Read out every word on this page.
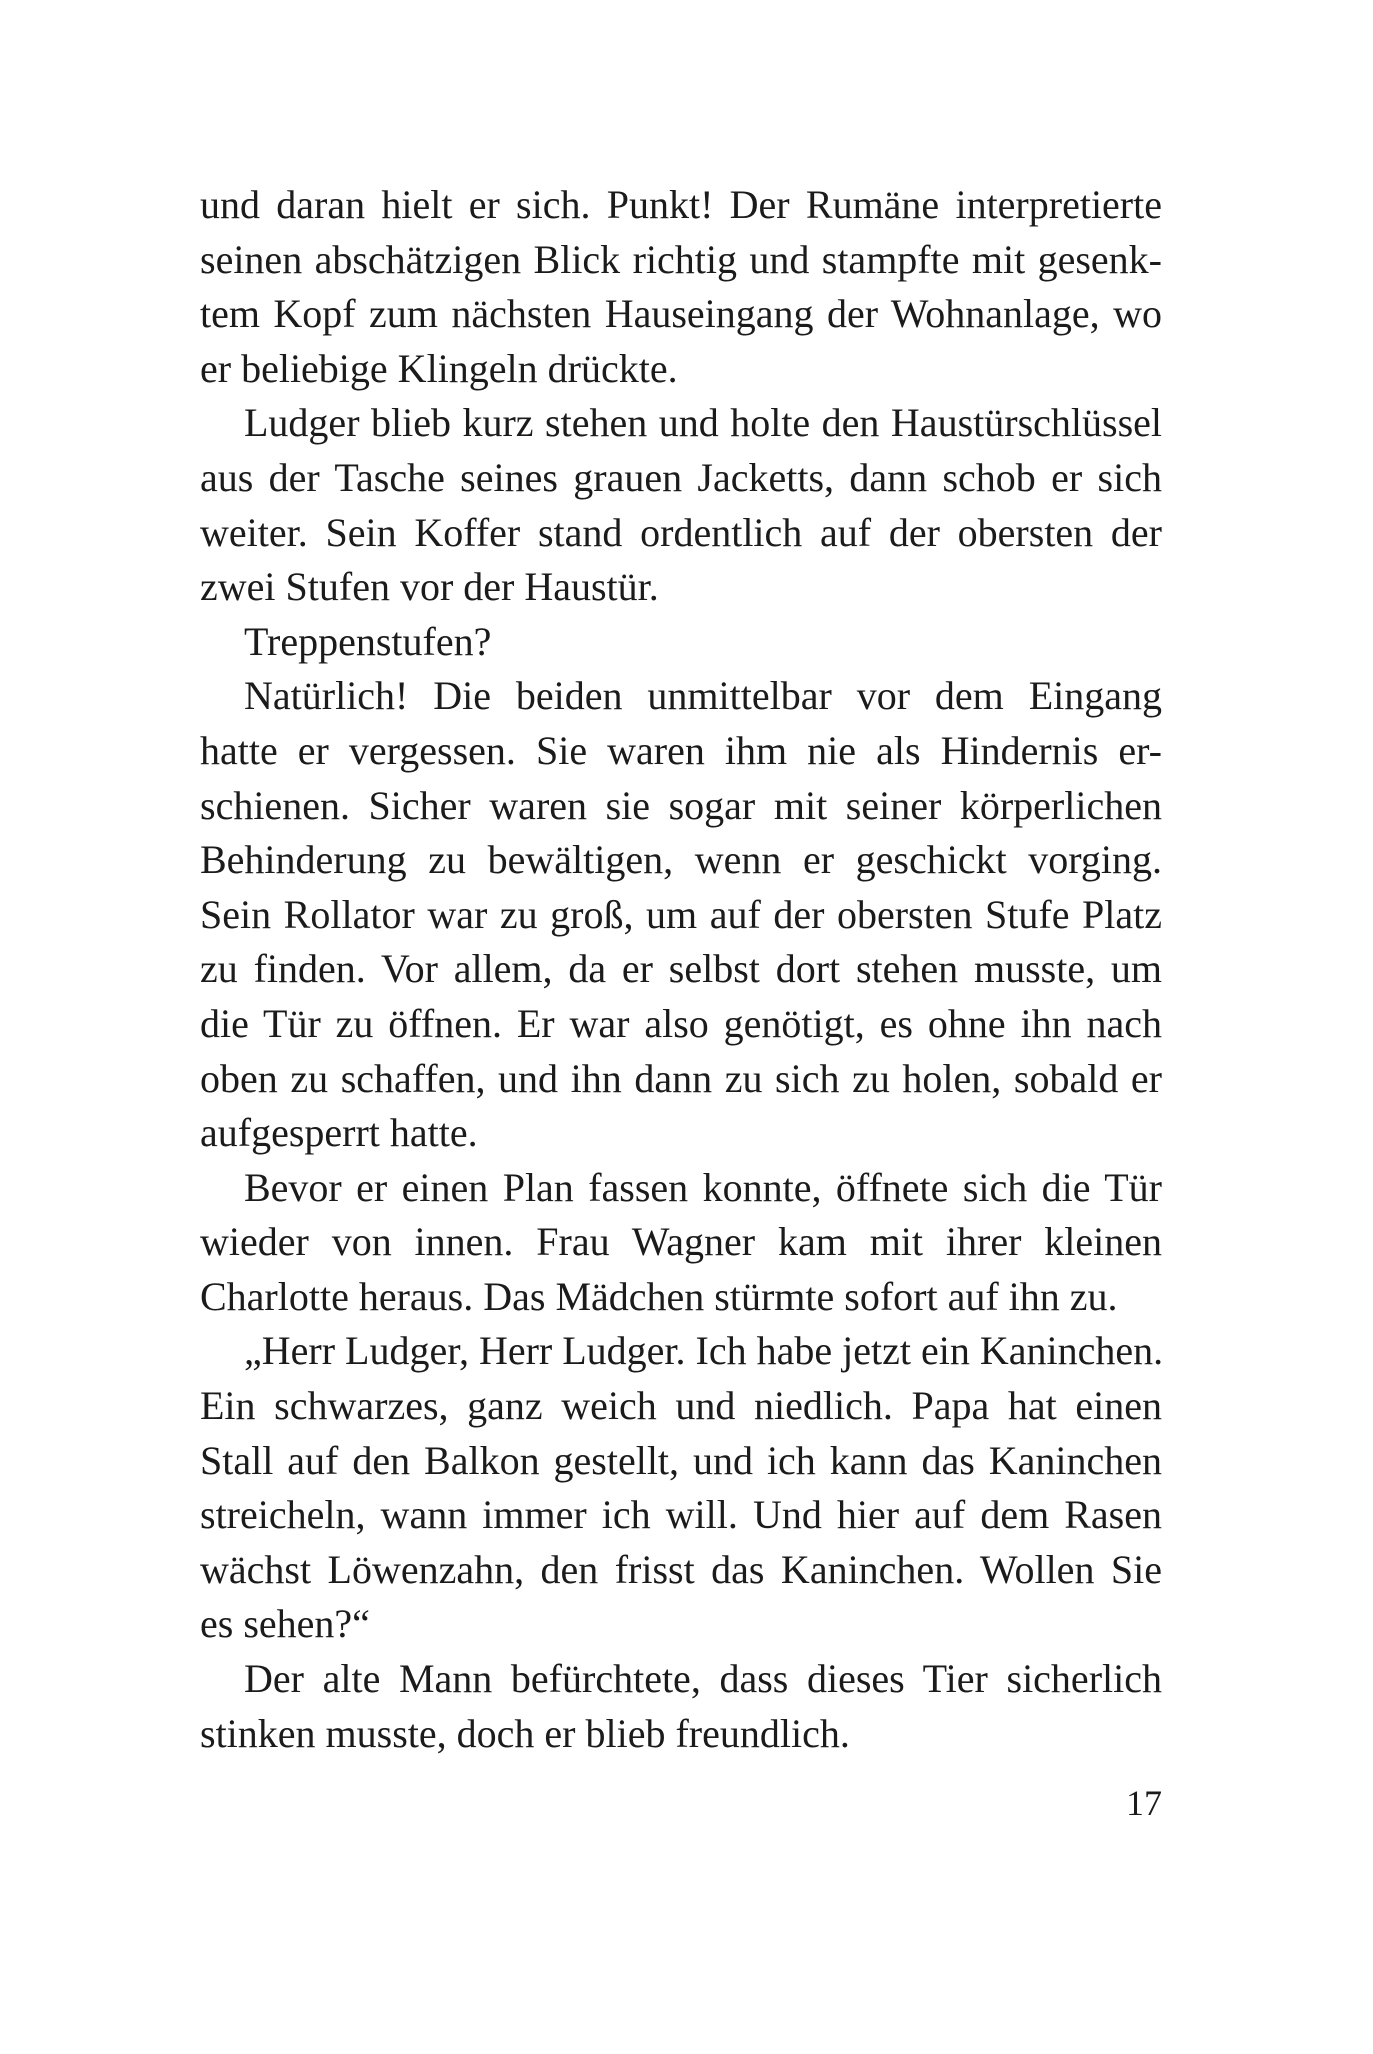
und daran hielt er sich. Punkt! Der Rumäne interpretierte
seinen abschätzigen Blick richtig und stampfte mit gesenk-
tem Kopf zum nächsten Hauseingang der Wohnanlage, wo
er beliebige Klingeln drückte.
Ludger blieb kurz stehen und holte den Haustürschlüssel
aus der Tasche seines grauen Jacketts, dann schob er sich
weiter. Sein Koffer stand ordentlich auf der obersten der
zwei Stufen vor der Haustür.
Treppenstufen?
Natürlich! Die beiden unmittelbar vor dem Eingang
hatte er vergessen. Sie waren ihm nie als Hindernis er-
schienen. Sicher waren sie sogar mit seiner körperlichen
Behinderung zu bewältigen, wenn er geschickt vorging.
Sein Rollator war zu groß, um auf der obersten Stufe Platz
zu finden. Vor allem, da er selbst dort stehen musste, um
die Tür zu öffnen. Er war also genötigt, es ohne ihn nach
oben zu schaffen, und ihn dann zu sich zu holen, sobald er
aufgesperrt hatte.
Bevor er einen Plan fassen konnte, öffnete sich die Tür
wieder von innen. Frau Wagner kam mit ihrer kleinen
Charlotte heraus. Das Mädchen stürmte sofort auf ihn zu.
„Herr Ludger, Herr Ludger. Ich habe jetzt ein Kaninchen.
Ein schwarzes, ganz weich und niedlich. Papa hat einen
Stall auf den Balkon gestellt, und ich kann das Kaninchen
streicheln, wann immer ich will. Und hier auf dem Rasen
wächst Löwenzahn, den frisst das Kaninchen. Wollen Sie
es sehen?“
Der alte Mann befürchtete, dass dieses Tier sicherlich
stinken musste, doch er blieb freundlich.
17
